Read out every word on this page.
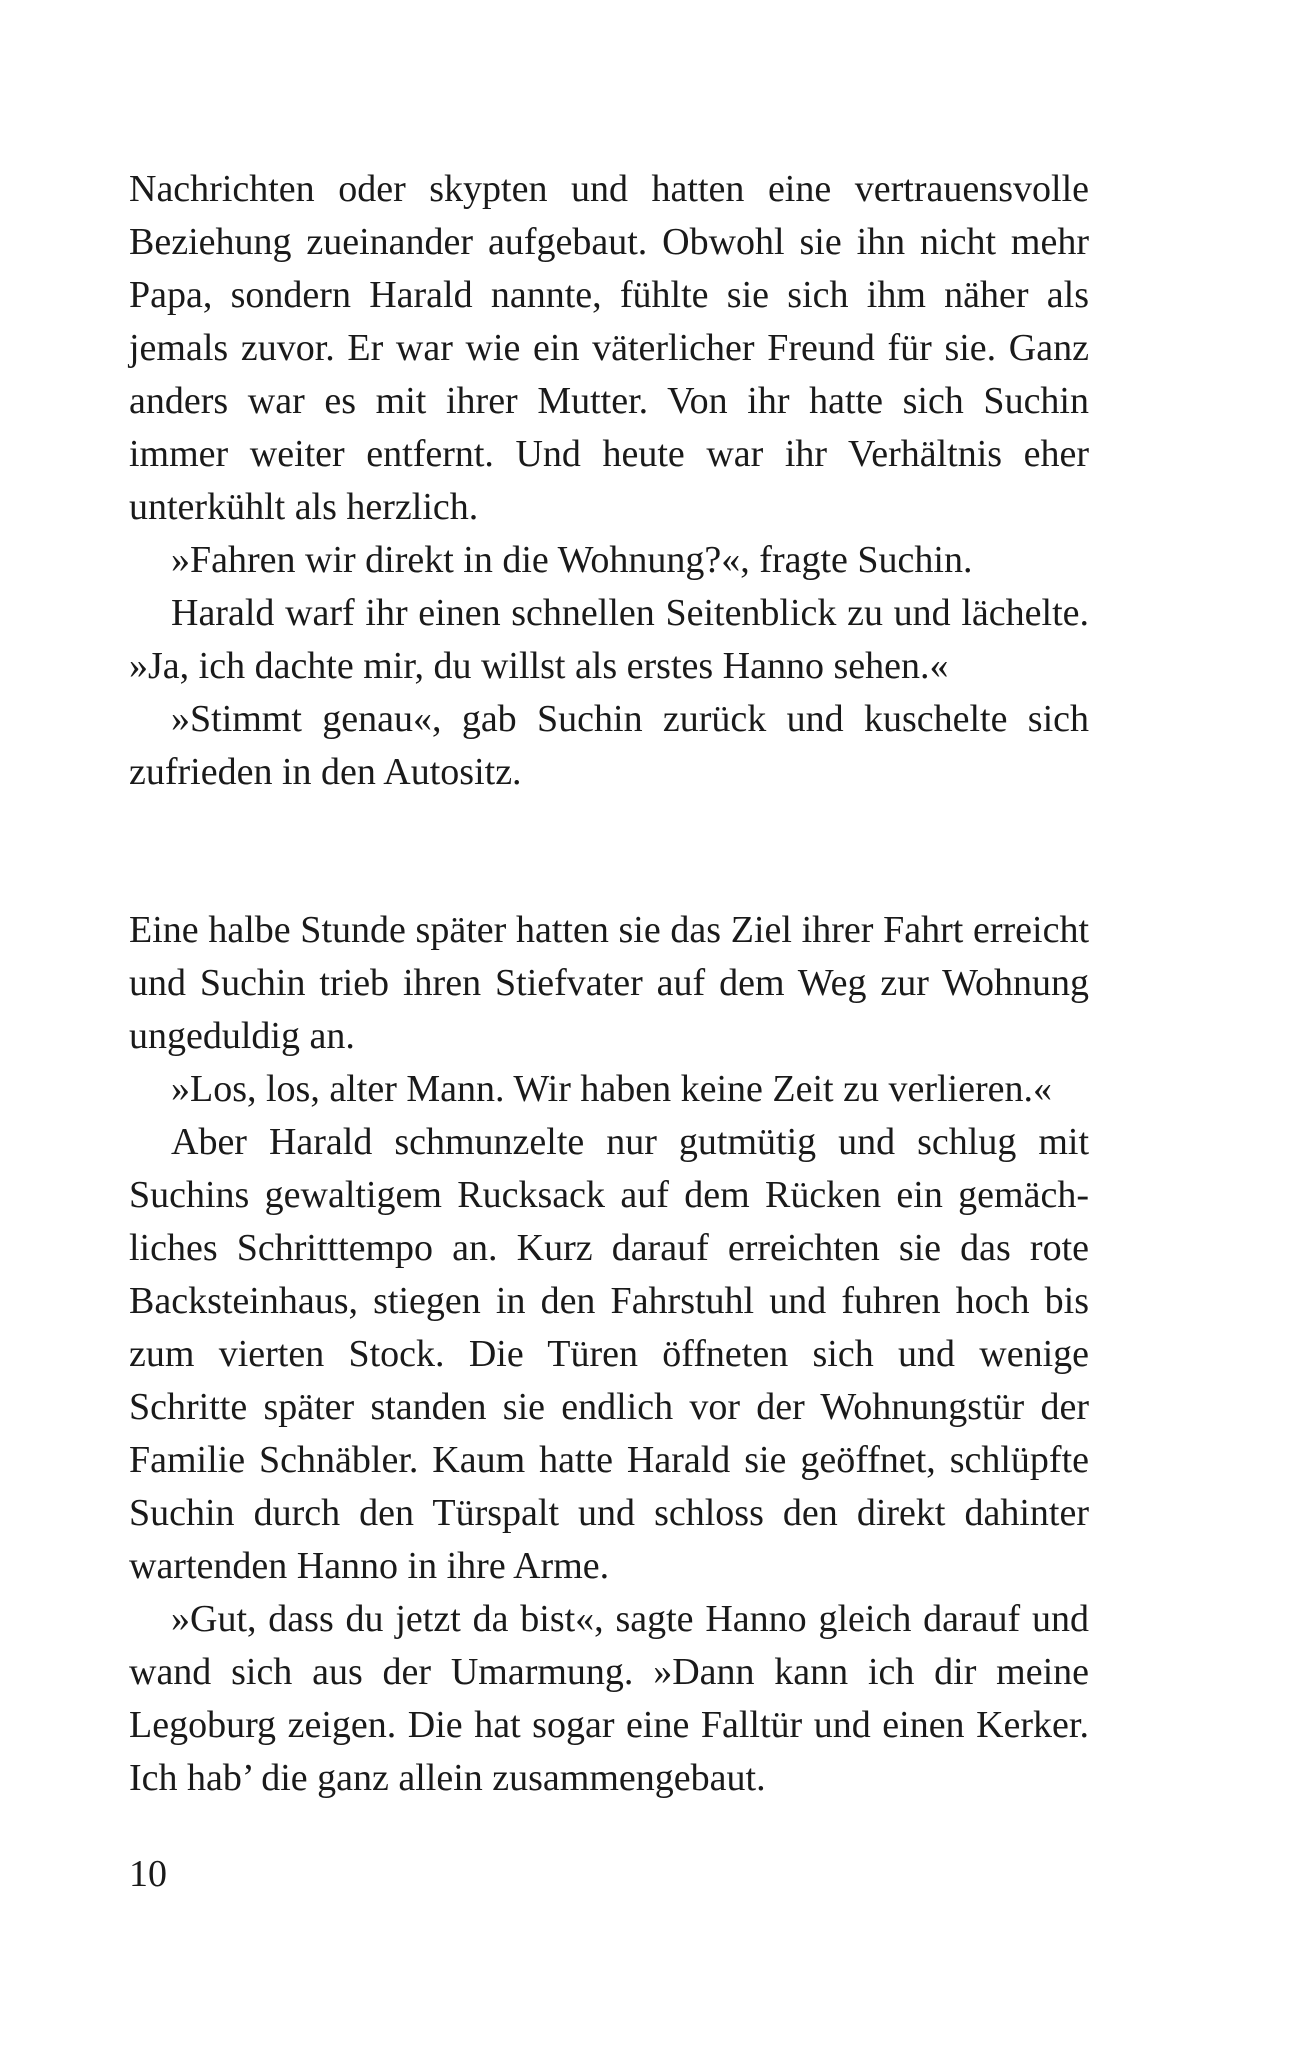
Nachrichten oder skypten und hatten eine vertrauensvolle Beziehung zueinander aufgebaut. Obwohl sie ihn nicht mehr Papa, sondern Harald nannte, fühlte sie sich ihm näher als jemals zuvor. Er war wie ein väterlicher Freund für sie. Ganz anders war es mit ihrer Mutter. Von ihr hatte sich Suchin immer weiter entfernt. Und heute war ihr Verhältnis eher unterkühlt als herzlich.

»Fahren wir direkt in die Wohnung?«, fragte Suchin.

Harald warf ihr einen schnellen Seitenblick zu und lächelte. »Ja, ich dachte mir, du willst als erstes Hanno sehen.«

»Stimmt genau«, gab Suchin zurück und kuschelte sich zufrieden in den Autositz.

Eine halbe Stunde später hatten sie das Ziel ihrer Fahrt erreicht und Suchin trieb ihren Stiefvater auf dem Weg zur Wohnung ungeduldig an.

»Los, los, alter Mann. Wir haben keine Zeit zu verlieren.«

Aber Harald schmunzelte nur gutmütig und schlug mit Suchins gewaltigem Rucksack auf dem Rücken ein gemächliches Schritttempo an. Kurz darauf erreichten sie das rote Backsteinhaus, stiegen in den Fahrstuhl und fuhren hoch bis zum vierten Stock. Die Türen öffneten sich und wenige Schritte später standen sie endlich vor der Wohnungstür der Familie Schnäbler. Kaum hatte Harald sie geöffnet, schlüpfte Suchin durch den Türspalt und schloss den direkt dahinter wartenden Hanno in ihre Arme.

»Gut, dass du jetzt da bist«, sagte Hanno gleich darauf und wand sich aus der Umarmung. »Dann kann ich dir meine Legoburg zeigen. Die hat sogar eine Falltür und einen Kerker. Ich hab’ die ganz allein zusammengebaut.

10
